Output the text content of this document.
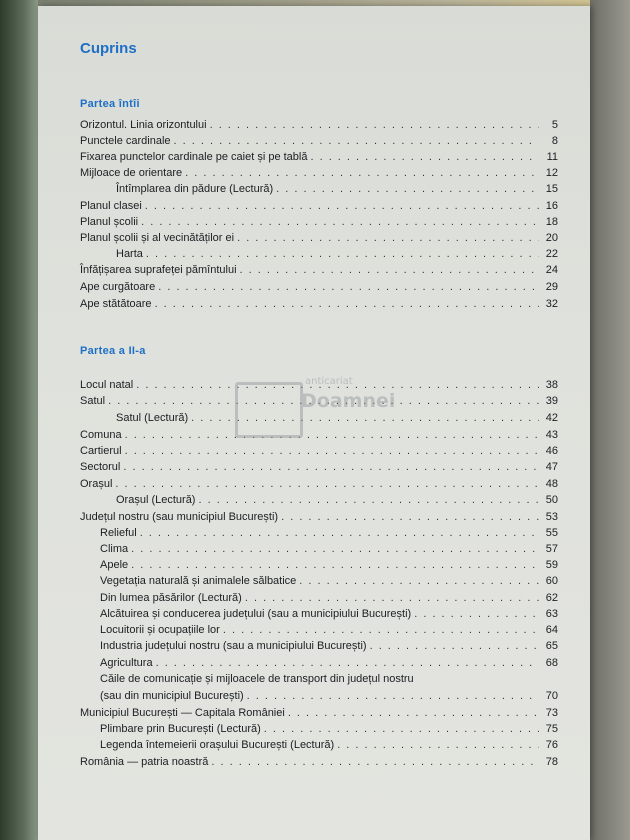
Cuprins
Partea întîi
Orizontul. Linia orizontului . . .	5
Punctele cardinale . . .	8
Fixarea punctelor cardinale pe caiet și pe tablă . . .	11
Mijloace de orientare . . .	12
Întîmplarea din pădure (Lectură) . . .	15
Planul clasei . . .	16
Planul școlii . . .	18
Planul școlii și al vecinătăților ei . . .	20
Harta . . .	22
Înfățișarea suprafeței pămîntului . . .	24
Ape curgătoare . . .	29
Ape stătătoare . . .	32
Partea a II-a
Locul natal . . .	38
Satul . . .	39
Satul (Lectură) . . .	42
Comuna . . .	43
Cartierul . . .	46
Sectorul . . .	47
Orașul . . .	48
Orașul (Lectură) . . .	50
Județul nostru (sau municipiul București) . . .	53
Relieful . . .	55
Clima . . .	57
Apele . . .	59
Vegetația naturală și animalele sălbatice . . .	60
Din lumea păsărilor (Lectură) . . .	62
Alcătuirea și conducerea județului (sau a municipiului București) . . .	63
Locuitorii și ocupațiile lor . . .	64
Industria județului nostru (sau a municipiului București) . . .	65
Agricultura . . .	68
Căile de comunicație și mijloacele de transport din județul nostru
(sau din municipiul București) . . .	70
Municipiul București — Capitala României . . .	73
Plimbare prin București (Lectură) . . .	75
Legenda întemeierii orașului București (Lectură) . . .	76
România — patria noastră . . .	78
anticariat
Doamnei
